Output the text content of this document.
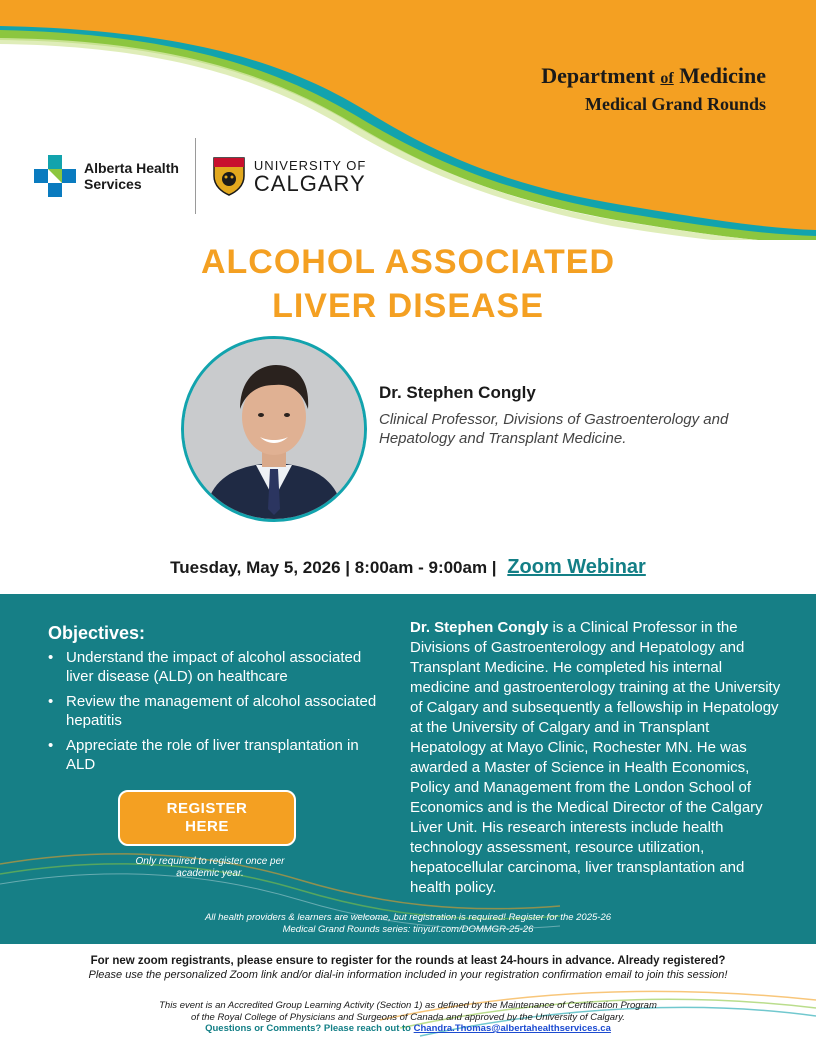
Department of Medicine
Medical Grand Rounds
Alberta Health
Services
UNIVERSITY OF
CALGARY
ALCOHOL ASSOCIATED
LIVER DISEASE
Dr. Stephen Congly
Clinical Professor, Divisions of Gastroenterology and Hepatology and Transplant Medicine.
Tuesday, May 5, 2026 | 8:00am - 9:00am | Zoom Webinar
Objectives:
• Understand the impact of alcohol associated liver disease (ALD) on healthcare
• Review the management of alcohol associated hepatitis
• Appreciate the role of liver transplantation in ALD
REGISTER
HERE
Only required to register once per academic year.
Dr. Stephen Congly is a Clinical Professor in the Divisions of Gastroenterology and Hepatology and Transplant Medicine. He completed his internal medicine and gastroenterology training at the University of Calgary and subsequently a fellowship in Hepatology at the University of Calgary and in Transplant Hepatology at Mayo Clinic, Rochester MN. He was awarded a Master of Science in Health Economics, Policy and Management from the London School of Economics and is the Medical Director of the Calgary Liver Unit. His research interests include health technology assessment, resource utilization, hepatocellular carcinoma, liver transplantation and health policy.
All health providers & learners are welcome, but registration is required! Register for the 2025-26 Medical Grand Rounds series: tinyurl.com/DOMMGR-25-26
For new zoom registrants, please ensure to register for the rounds at least 24-hours in advance. Already registered?
Please use the personalized Zoom link and/or dial-in information included in your registration confirmation email to join this session!
This event is an Accredited Group Learning Activity (Section 1) as defined by the Maintenance of Certification Program
of the Royal College of Physicians and Surgeons of Canada and approved by the University of Calgary.
Questions or Comments? Please reach out to Chandra.Thomas@albertahealthservices.ca
